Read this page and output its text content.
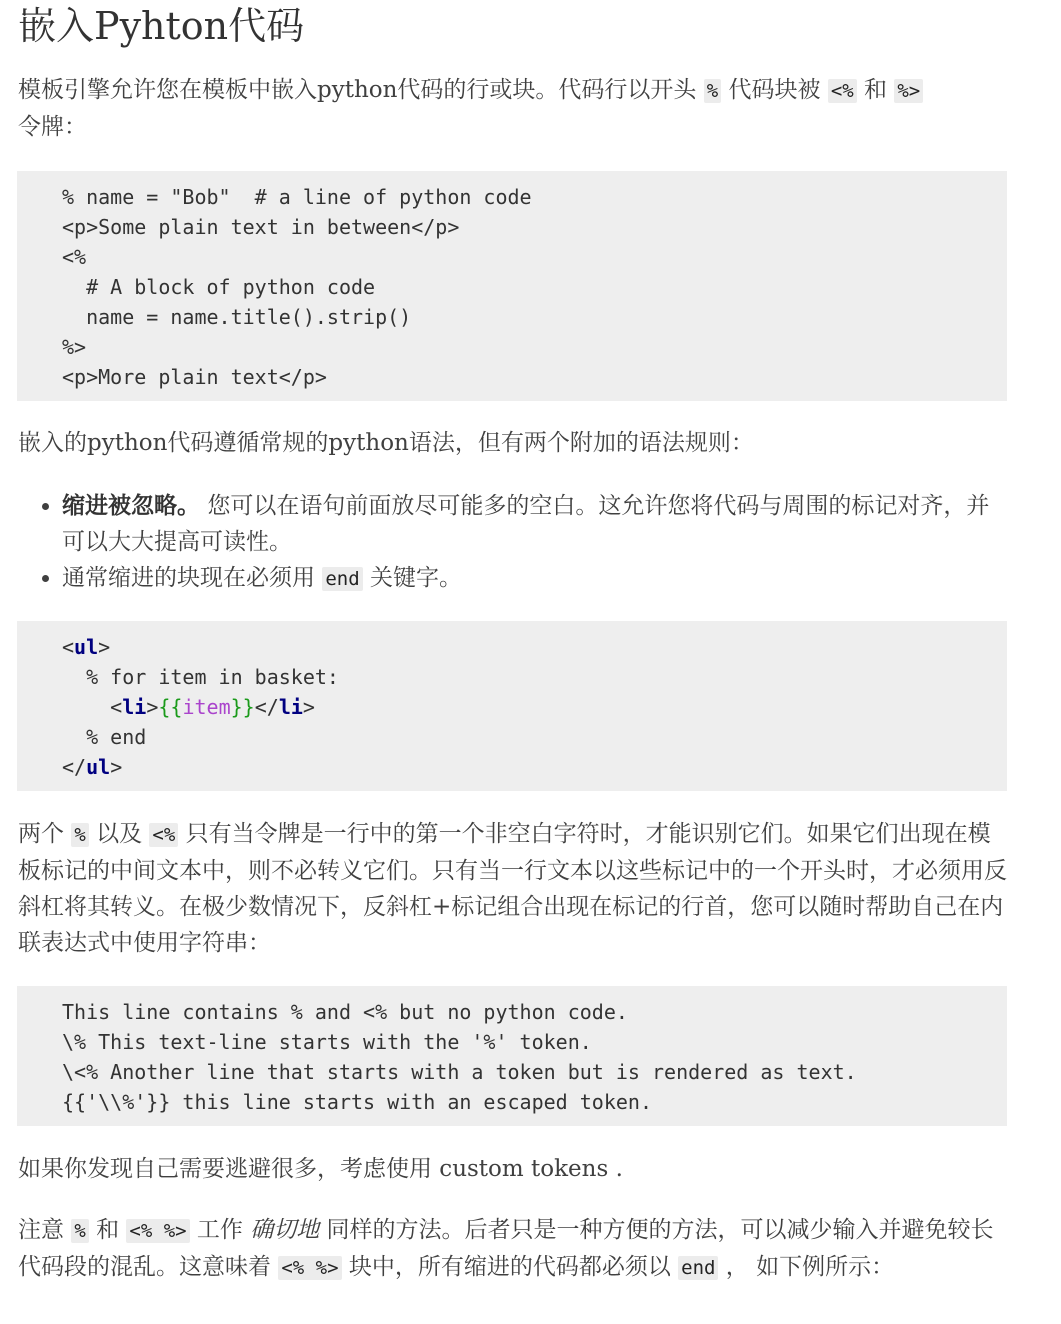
嵌入Pyhton代码

模板引擎允许您在模板中嵌入python代码的行或块。代码行以开头 % 代码块被 <% 和 %>
令牌：

% name = "Bob"  # a line of python code
<p>Some plain text in between</p>
<%
# A block of python code
name = name.title().strip()
%>
<p>More plain text</p>

嵌入的python代码遵循常规的python语法，但有两个附加的语法规则：

• 缩进被忽略。 您可以在语句前面放尽可能多的空白。这允许您将代码与周围的标记对齐，并可以大大提高可读性。
• 通常缩进的块现在必须用 end 关键字。
<ul>
% for item in basket:
<li>{{item}}</li>
% end
</ul>

两个 % 以及 <% 只有当令牌是一行中的第一个非空白字符时，才能识别它们。如果它们出现在模板标记的中间文本中，则不必转义它们。只有当一行文本以这些标记中的一个开头时，才必须用反斜杠将其转义。在极少数情况下，反斜杠+标记组合出现在标记的行首，您可以随时帮助自己在内联表达式中使用字符串：

This line contains % and <% but no python code.
\% This text-line starts with the '%' token.
\<% Another line that starts with a token but is rendered as text.
{{'\\%'}} this line starts with an escaped token.

如果你发现自己需要逃避很多，考虑使用 custom tokens .

注意 % 和 <% %> 工作 确切地 同样的方法。后者只是一种方便的方法，可以减少输入并避免较长代码段的混乱。这意味着 <% %> 块中，所有缩进的代码都必须以 end ， 如下例所示：
